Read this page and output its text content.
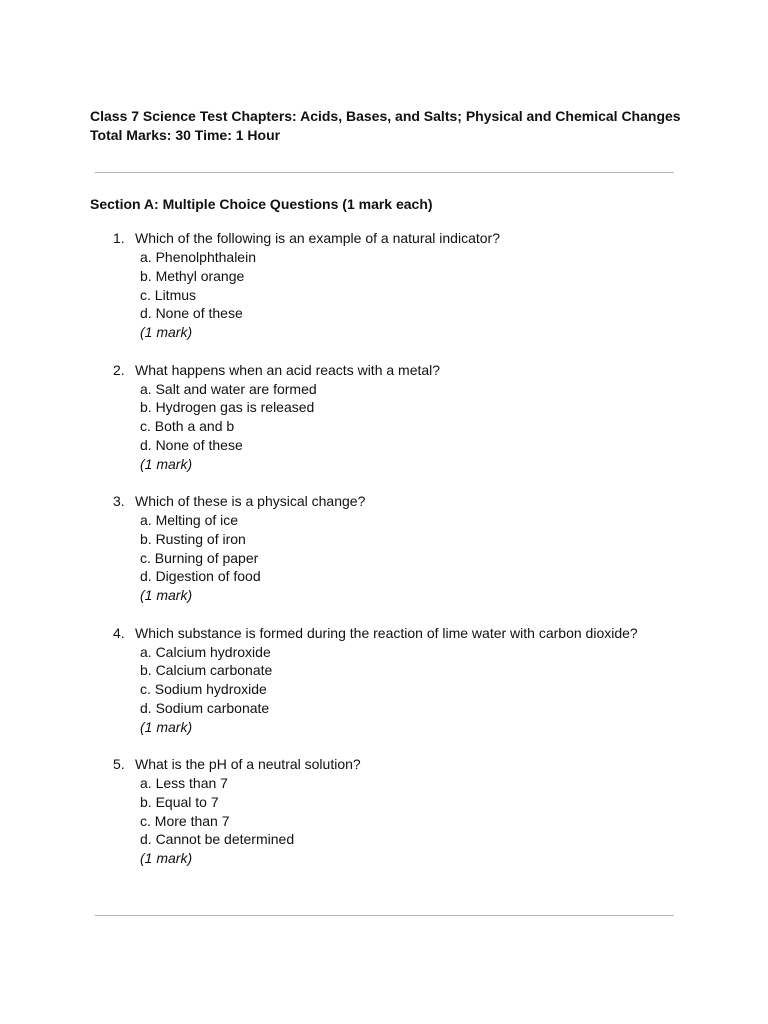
Class 7 Science Test Chapters: Acids, Bases, and Salts; Physical and Chemical Changes
Total Marks: 30 Time: 1 Hour
Section A: Multiple Choice Questions (1 mark each)
1. Which of the following is an example of a natural indicator?
a. Phenolphthalein
b. Methyl orange
c. Litmus
d. None of these
(1 mark)
2. What happens when an acid reacts with a metal?
a. Salt and water are formed
b. Hydrogen gas is released
c. Both a and b
d. None of these
(1 mark)
3. Which of these is a physical change?
a. Melting of ice
b. Rusting of iron
c. Burning of paper
d. Digestion of food
(1 mark)
4. Which substance is formed during the reaction of lime water with carbon dioxide?
a. Calcium hydroxide
b. Calcium carbonate
c. Sodium hydroxide
d. Sodium carbonate
(1 mark)
5. What is the pH of a neutral solution?
a. Less than 7
b. Equal to 7
c. More than 7
d. Cannot be determined
(1 mark)
